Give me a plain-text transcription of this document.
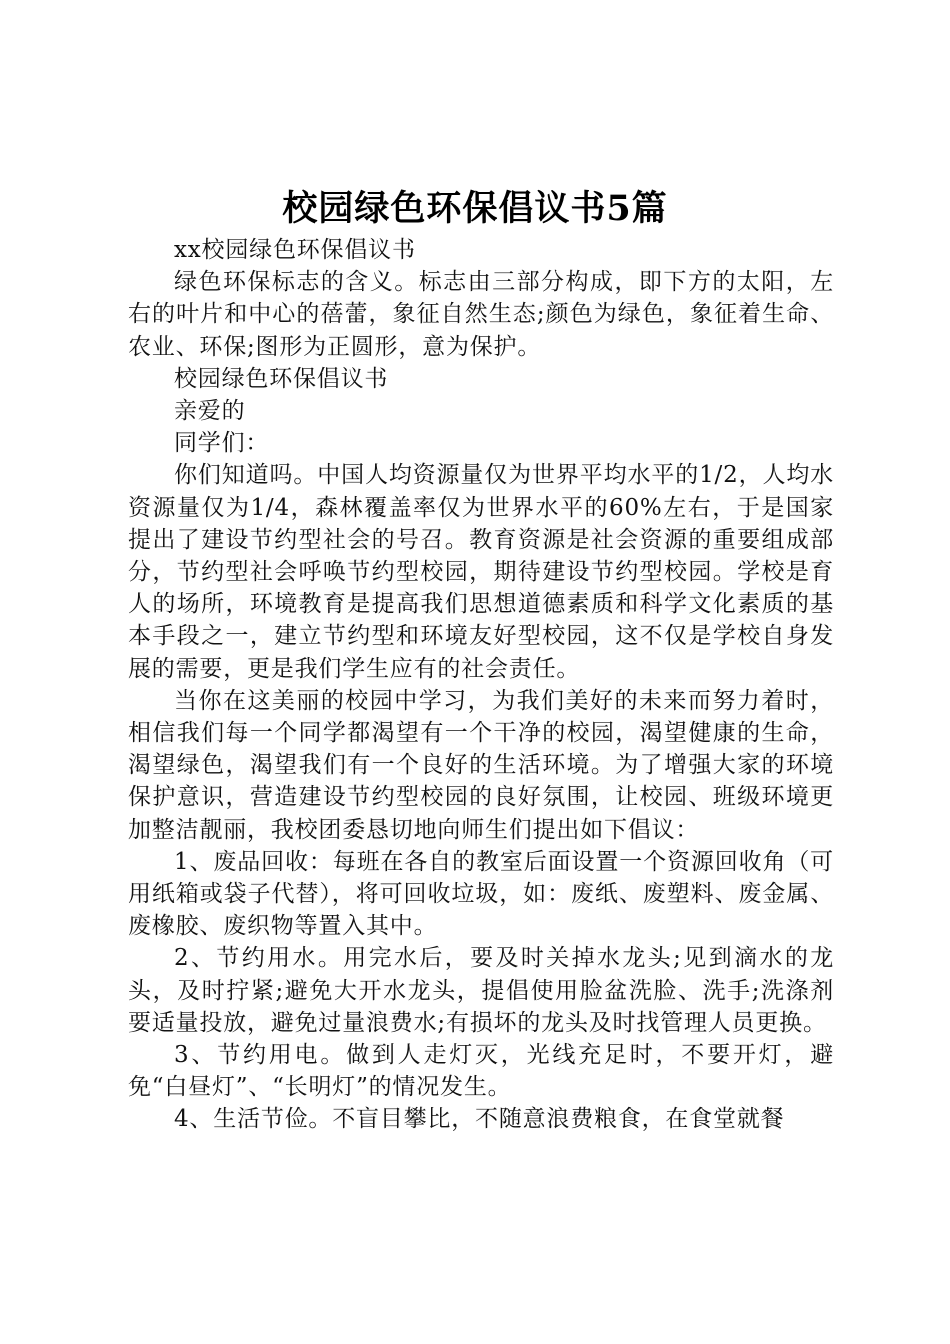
校园绿色环保倡议书5篇

xx校园绿色环保倡议书

绿色环保标志的含义。标志由三部分构成，即下方的太阳，左右的叶片和中心的蓓蕾，象征自然生态;颜色为绿色，象征着生命、农业、环保;图形为正圆形，意为保护。

校园绿色环保倡议书

亲爱的

同学们：

你们知道吗。中国人均资源量仅为世界平均水平的1/2，人均水资源量仅为1/4，森林覆盖率仅为世界水平的60%左右，于是国家提出了建设节约型社会的号召。教育资源是社会资源的重要组成部分，节约型社会呼唤节约型校园，期待建设节约型校园。学校是育人的场所，环境教育是提高我们思想道德素质和科学文化素质的基本手段之一，建立节约型和环境友好型校园，这不仅是学校自身发展的需要，更是我们学生应有的社会责任。

当你在这美丽的校园中学习，为我们美好的未来而努力着时，相信我们每一个同学都渴望有一个干净的校园，渴望健康的生命，渴望绿色，渴望我们有一个良好的生活环境。为了增强大家的环境保护意识，营造建设节约型校园的良好氛围，让校园、班级环境更加整洁靓丽，我校团委恳切地向师生们提出如下倡议：

1、废品回收：每班在各自的教室后面设置一个资源回收角（可用纸箱或袋子代替），将可回收垃圾，如：废纸、废塑料、废金属、废橡胶、废织物等置入其中。

2、节约用水。用完水后，要及时关掉水龙头;见到滴水的龙头，及时拧紧;避免大开水龙头，提倡使用脸盆洗脸、洗手;洗涤剂要适量投放，避免过量浪费水;有损坏的龙头及时找管理人员更换。

3、节约用电。做到人走灯灭，光线充足时，不要开灯，避免“白昼灯”、“长明灯”的情况发生。

4、生活节俭。不盲目攀比，不随意浪费粮食，在食堂就餐
